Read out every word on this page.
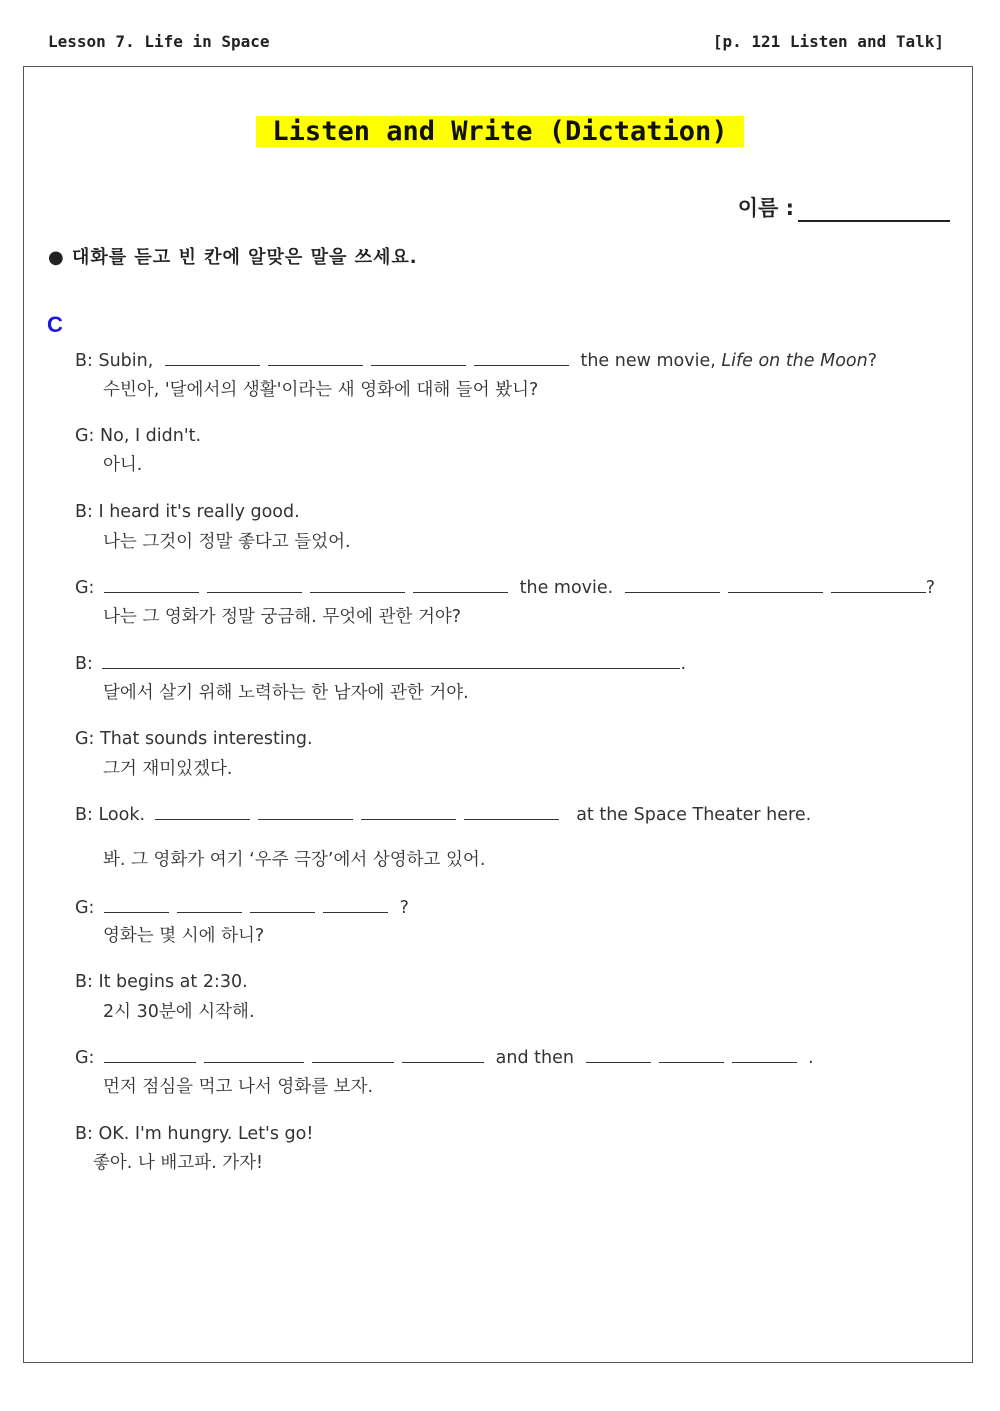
Lesson 7. Life in Space	[p. 121 Listen and Talk]
Listen and Write (Dictation)
이름 :
● 대화를 듣고 빈 칸에 알맞은 말을 쓰세요.
C
B: Subin,	the new movie, Life on the Moon?
수빈아, '달에서의 생활'이라는 새 영화에 대해 들어 봤니?
G: No, I didn't.
아니.
B: I heard it's really good.
나는 그것이 정말 좋다고 들었어.
G:	the movie.	?
나는 그 영화가 정말 궁금해. 무엇에 관한 거야?
B:	.
달에서 살기 위해 노력하는 한 남자에 관한 거야.
G: That sounds interesting.
그거 재미있겠다.
B: Look.	at the Space Theater here.
봐. 그 영화가 여기 ‘우주 극장’에서 상영하고 있어.
G:	?
영화는 몇 시에 하니?
B: It begins at 2:30.
2시 30분에 시작해.
G:	and then	.
먼저 점심을 먹고 나서 영화를 보자.
B: OK. I'm hungry. Let's go!
좋아. 나 배고파. 가자!
